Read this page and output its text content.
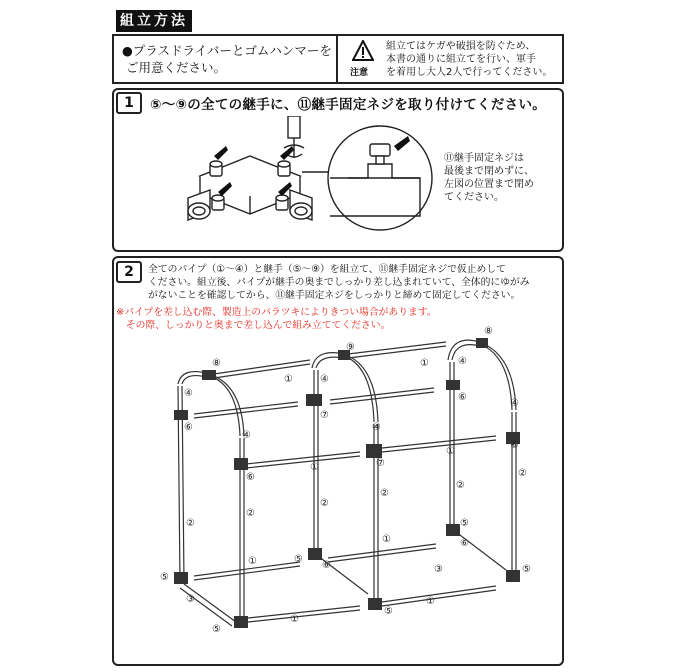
組立方法
●プラスドライバーとゴムハンマーを
ご用意ください。	注意
組立てはケガや破損を防ぐため、
本書の通りに組立てを行い、軍手
を着用し大人2人で行ってください。
1	⑤～⑨の全ての継手に、⑪継手固定ネジを取り付けてください。
⑪継手固定ネジは
最後まで閉めずに、
左図の位置まで閉め
てください。
2	全てのパイプ（①～④）と継手（⑤～⑨）を組立て、⑪継手固定ネジで仮止めして
ください。組立後、パイプが継手の奥までしっかり差し込まれていて、全体的にゆがみ
がないことを確認してから、⑪継手固定ネジをしっかりと締めて固定してください。
※パイプを差し込む際、製造上のバラツキによりきつい場合があります。
　その際、しっかりと奥まで差し込んで組み立ててください。
⑧
⑨
⑧
①
①
④
④
④
④
⑥
⑥
⑦
⑦
④
④
⑥
⑥
①
①
②
②
②
②
②
②
①
①
⑥
⑥
⑤
⑤
⑤
⑤
③
③
⑤
⑤
①
①
